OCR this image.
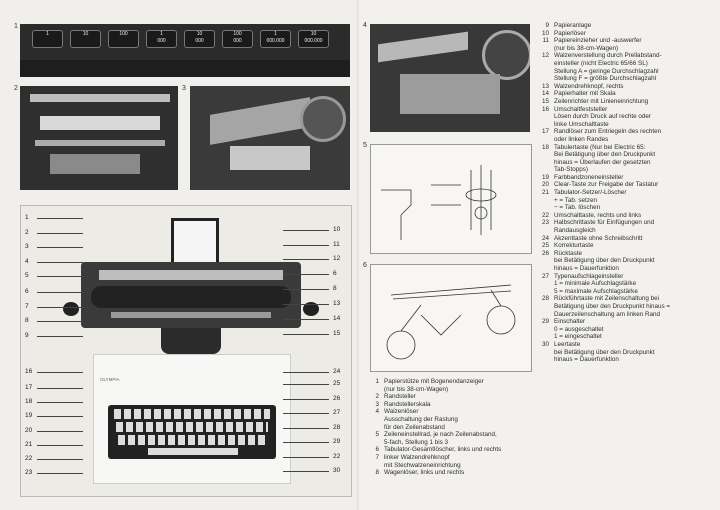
1
1	10	100	1
000
10
000
100
000
1
000.000
10
000.000
2	3
OLYMPIA
1
2
3
4
5
6
7
8
9
16
17
18
19
20
21
22
23
10
11
12
6
8
13
14
15
24
25
26
27
28
29
22
30
4
5
6
9 Papieranlage
10 Papierlöser
11 Papiereinzieher und -auswerfer
(nur bis 38-cm-Wagen)
12 Walzenverstellung durch Prellabstand-
einsteller (nicht Electric 65/66 SL)
Stellung A = geringe Durchschlagzahl
Stellung F = größte Durchschlagzahl
13 Walzendrehknopf, rechts
14 Papierhalter mit Skala
15 Zeilenrichter mit Linieneinrichtung
16 Umschaltfeststeller
Lösen durch Druck auf rechte oder
linke Umschalttaste
17 Randlöser zum Entriegeln des rechten
oder linken Randes
18 Tabulertaste (Nur bei Electric 65:
Bei Betätigung über den Druckpunkt
hinaus = Überlaufen der gesetzten
Tab-Stopps)
19 Farbbandzoneneinsteller
20 Clear-Taste zur Freigabe der Tastatur
21 Tabulator-Setzer/-Löscher
+ = Tab. setzen
− = Tab. löschen
22 Umschalttaste, rechts und links
23 Halbschrittaste für Einfügungen und
Randausgleich
24 Akzenttaste ohne Schreibschritt
25 Korrekturtaste
26 Rücktaste
bei Betätigung über den Druckpunkt
hinaus = Dauerfunktion
27 Typenaufschlageinsteller
1 = minimale Aufschlagstärke
5 = maximale Aufschlagstärke
28 Rückführtaste mit Zeilenschaltung bei
Betätigung über den Druckpunkt hinaus =
Dauerzeilenschaltung am linken Rand
29 Einschalter
0 = ausgeschaltet
1 = eingeschaltet
30 Leertaste
bei Betätigung über den Druckpunkt
hinaus = Dauerfunktion
1 Papierstütze mit Bogenendanzeiger
(nur bis 38-cm-Wagen)
2 Randsteller
3 Randstellerskala
4 Walzenlöser
Ausschaltung der Rastung
für den Zeilenabstand
5 Zeileneinstellrad, je nach Zeilenabstand,
5-fach, Stellung 1 bis 3
6 Tabulator-Gesamtlöscher, links und rechts
7 linker Walzendrehknopf
mit Stechwalzeneinrichtung
8 Wagenlöser, links und rechts
